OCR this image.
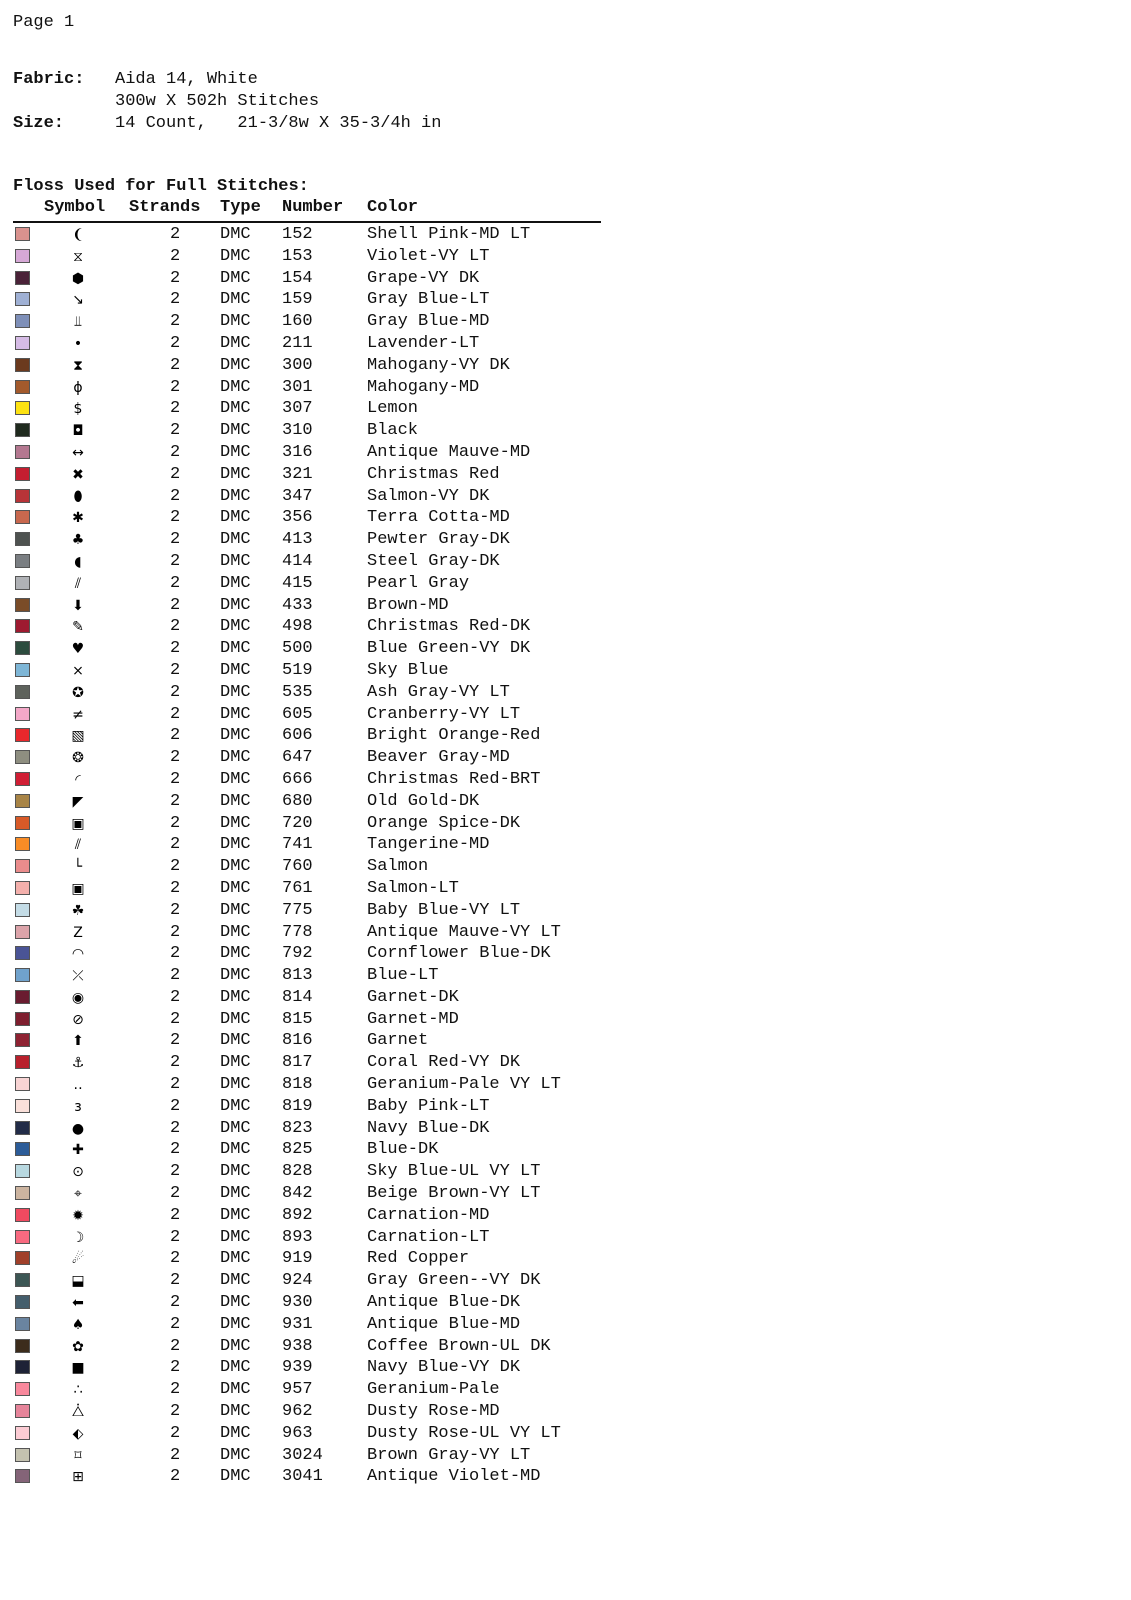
Page 1
Fabric:	Aida 14, White
300w X 502h Stitches
Size:	14 Count,   21-3/8w X 35-3/4h in
Floss Used for Full Stitches:
Symbol Strands Type Number Color
❨	2 DMC 152	Shell Pink-MD LT
⧖	2 DMC 153	Violet-VY LT
⬢	2 DMC 154	Grape-VY DK
↘	2 DMC 159	Gray Blue-LT
⫫	2 DMC 160	Gray Blue-MD
•	2 DMC 211	Lavender-LT
⧗	2 DMC 300	Mahogany-VY DK
ϕ	2 DMC 301	Mahogany-MD
$	2 DMC 307	Lemon
◘	2 DMC 310	Black
↔	2 DMC 316	Antique Mauve-MD
✖	2 DMC 321	Christmas Red
⬮	2 DMC 347	Salmon-VY DK
✱	2 DMC 356	Terra Cotta-MD
♣	2 DMC 413	Pewter Gray-DK
◖	2 DMC 414	Steel Gray-DK
⫽	2 DMC 415	Pearl Gray
⬇	2 DMC 433	Brown-MD
✎	2 DMC 498	Christmas Red-DK
♥	2 DMC 500	Blue Green-VY DK
⨯	2 DMC 519	Sky Blue
✪	2 DMC 535	Ash Gray-VY LT
≠	2 DMC 605	Cranberry-VY LT
▧	2 DMC 606	Bright Orange-Red
❂	2 DMC 647	Beaver Gray-MD
◜	2 DMC 666	Christmas Red-BRT
◤	2 DMC 680	Old Gold-DK
▣	2 DMC 720	Orange Spice-DK
⫽	2 DMC 741	Tangerine-MD
└	2 DMC 760	Salmon
▣	2 DMC 761	Salmon-LT
☘	2 DMC 775	Baby Blue-VY LT
Z	2 DMC 778	Antique Mauve-VY LT
◠	2 DMC 792	Cornflower Blue-DK
⤫	2 DMC 813	Blue-LT
◉	2 DMC 814	Garnet-DK
⊘	2 DMC 815	Garnet-MD
⬆	2 DMC 816	Garnet
⚓	2 DMC 817	Coral Red-VY DK
‥	2 DMC 818	Geranium-Pale VY LT
з	2 DMC 819	Baby Pink-LT
●	2 DMC 823	Navy Blue-DK
✚	2 DMC 825	Blue-DK
⊙	2 DMC 828	Sky Blue-UL VY LT
⌖	2 DMC 842	Beige Brown-VY LT
✹	2 DMC 892	Carnation-MD
☽	2 DMC 893	Carnation-LT
☄	2 DMC 919	Red Copper
⬓	2 DMC 924	Gray Green--VY DK
⬅	2 DMC 930	Antique Blue-DK
♠	2 DMC 931	Antique Blue-MD
✿	2 DMC 938	Coffee Brown-UL DK
■	2 DMC 939	Navy Blue-VY DK
∴	2 DMC 957	Geranium-Pale
⧊	2 DMC 962	Dusty Rose-MD
⬖	2 DMC 963	Dusty Rose-UL VY LT
⌑	2 DMC 3024	Brown Gray-VY LT
⊞	2 DMC 3041	Antique Violet-MD
